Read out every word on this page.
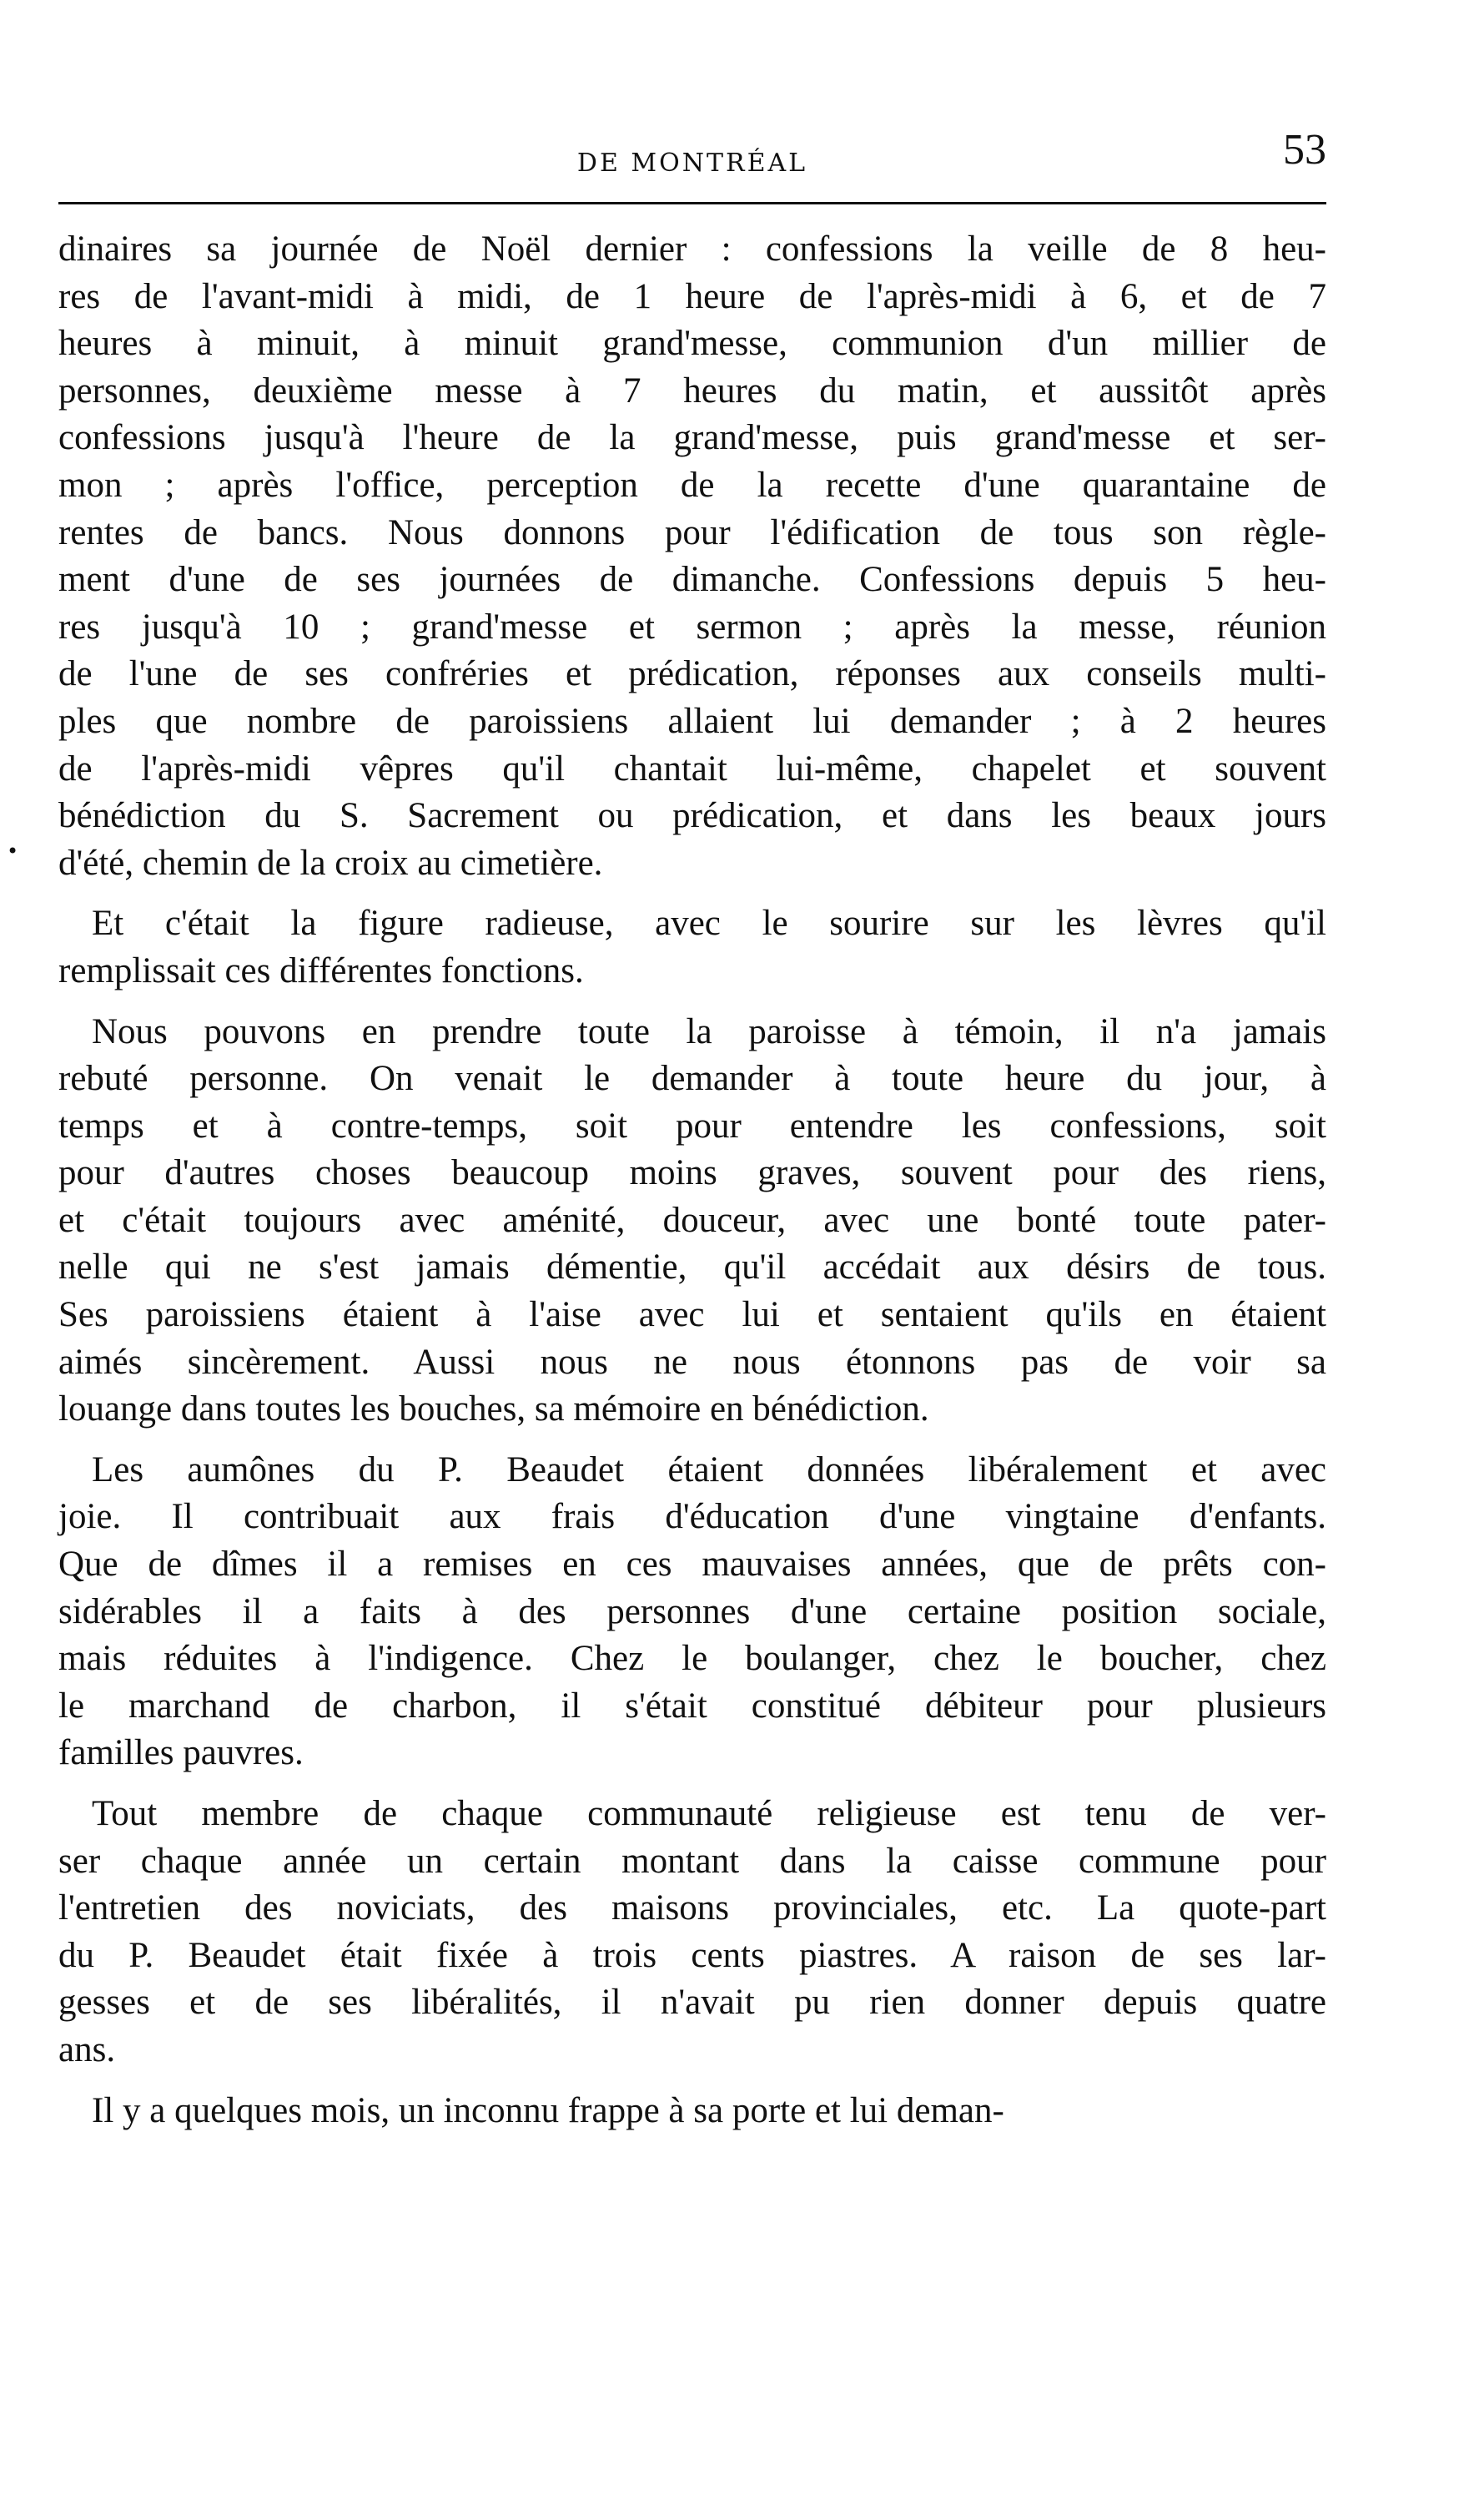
DE MONTRÉAL	53

dinaires sa journée de Noël dernier : confessions la veille de 8 heu-
res de l'avant-midi à midi, de 1 heure de l'après-midi à 6, et de 7
heures à minuit, à minuit grand'messe, communion d'un millier de
personnes, deuxième messe à 7 heures du matin, et aussitôt après
confessions jusqu'à l'heure de la grand'messe, puis grand'messe et ser-
mon ; après l'office, perception de la recette d'une quarantaine de
rentes de bancs. Nous donnons pour l'édification de tous son règle-
ment d'une de ses journées de dimanche. Confessions depuis 5 heu-
res jusqu'à 10 ; grand'messe et sermon ; après la messe, réunion
de l'une de ses confréries et prédication, réponses aux conseils multi-
ples que nombre de paroissiens allaient lui demander ; à 2 heures
de l'après-midi vêpres qu'il chantait lui-même, chapelet et souvent
bénédiction du S. Sacrement ou prédication, et dans les beaux jours
d'été, chemin de la croix au cimetière.

Et c'était la figure radieuse, avec le sourire sur les lèvres qu'il
remplissait ces différentes fonctions.

Nous pouvons en prendre toute la paroisse à témoin, il n'a jamais
rebuté personne. On venait le demander à toute heure du jour, à
temps et à contre-temps, soit pour entendre les confessions, soit
pour d'autres choses beaucoup moins graves, souvent pour des riens,
et c'était toujours avec aménité, douceur, avec une bonté toute pater-
nelle qui ne s'est jamais démentie, qu'il accédait aux désirs de tous.
Ses paroissiens étaient à l'aise avec lui et sentaient qu'ils en étaient
aimés sincèrement. Aussi nous ne nous étonnons pas de voir sa
louange dans toutes les bouches, sa mémoire en bénédiction.

Les aumônes du P. Beaudet étaient données libéralement et avec
joie. Il contribuait aux frais d'éducation d'une vingtaine d'enfants.
Que de dîmes il a remises en ces mauvaises années, que de prêts con-
sidérables il a faits à des personnes d'une certaine position sociale,
mais réduites à l'indigence. Chez le boulanger, chez le boucher, chez
le marchand de charbon, il s'était constitué débiteur pour plusieurs
familles pauvres.

Tout membre de chaque communauté religieuse est tenu de ver-
ser chaque année un certain montant dans la caisse commune pour
l'entretien des noviciats, des maisons provinciales, etc. La quote-part
du P. Beaudet était fixée à trois cents piastres. A raison de ses lar-
gesses et de ses libéralités, il n'avait pu rien donner depuis quatre
ans.

Il y a quelques mois, un inconnu frappe à sa porte et lui deman-

•
